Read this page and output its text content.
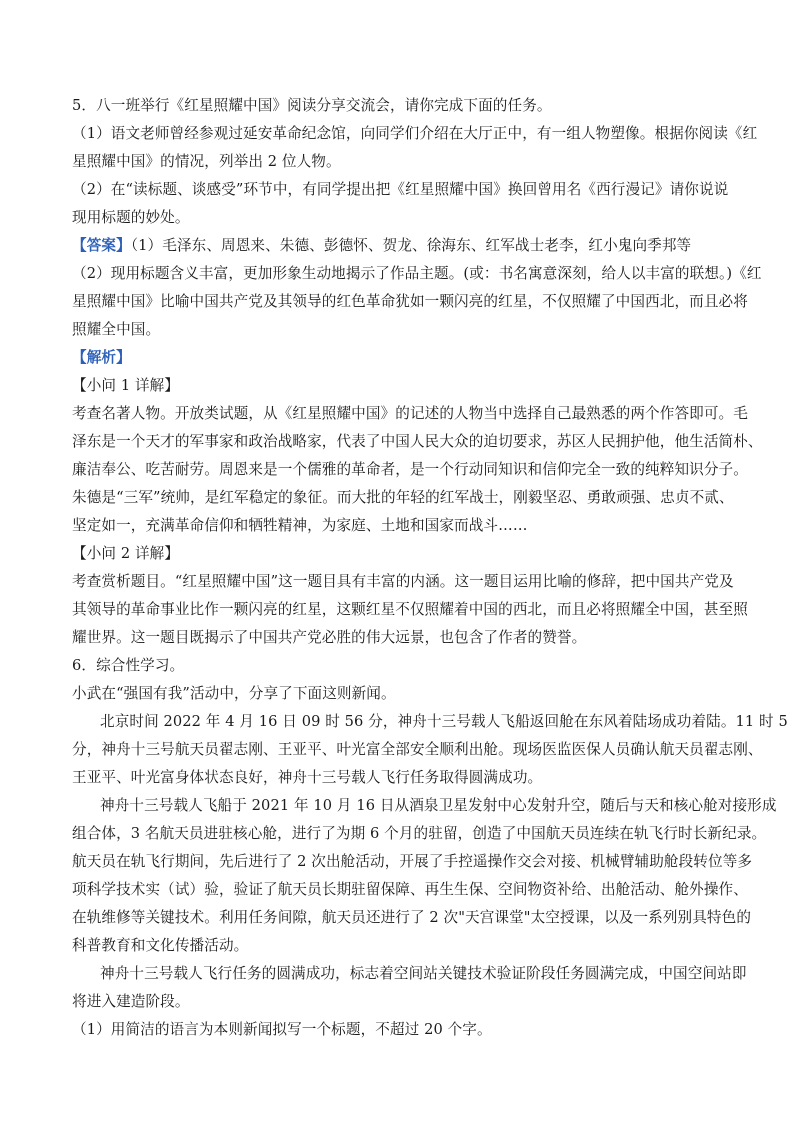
5．八一班举行《红星照耀中国》阅读分享交流会，请你完成下面的任务。
（1）语文老师曾经参观过延安革命纪念馆，向同学们介绍在大厅正中，有一组人物塑像。根据你阅读《红
星照耀中国》的情况，列举出 2 位人物。
（2）在“读标题、谈感受”环节中，有同学提出把《红星照耀中国》换回曾用名《西行漫记》请你说说
现用标题的妙处。
【答案】（1）毛泽东、周恩来、朱德、彭德怀、贺龙、徐海东、红军战士老李，红小鬼向季邦等
（2）现用标题含义丰富，更加形象生动地揭示了作品主题。(或：书名寓意深刻，给人以丰富的联想。)《红
星照耀中国》比喻中国共产党及其领导的红色革命犹如一颗闪亮的红星，不仅照耀了中国西北，而且必将
照耀全中国。
【解析】
【小问 1 详解】
考查名著人物。开放类试题，从《红星照耀中国》的记述的人物当中选择自己最熟悉的两个作答即可。毛
泽东是一个天才的军事家和政治战略家，代表了中国人民大众的迫切要求，苏区人民拥护他，他生活简朴、
廉洁奉公、吃苦耐劳。周恩来是一个儒雅的革命者，是一个行动同知识和信仰完全一致的纯粹知识分子。
朱德是“三军”统帅，是红军稳定的象征。而大批的年轻的红军战士，刚毅坚忍、勇敢顽强、忠贞不贰、
坚定如一，充满革命信仰和牺牲精神，为家庭、土地和国家而战斗……
【小问 2 详解】
考查赏析题目。“红星照耀中国”这一题目具有丰富的内涵。这一题目运用比喻的修辞，把中国共产党及
其领导的革命事业比作一颗闪亮的红星，这颗红星不仅照耀着中国的西北，而且必将照耀全中国，甚至照
耀世界。这一题目既揭示了中国共产党必胜的伟大远景，也包含了作者的赞誉。
6．综合性学习。
小武在“强国有我”活动中，分享了下面这则新闻。
北京时间 2022 年 4 月 16 日 09 时 56 分，神舟十三号载人飞船返回舱在东风着陆场成功着陆。11 时 5
分，神舟十三号航天员翟志刚、王亚平、叶光富全部安全顺利出舱。现场医监医保人员确认航天员翟志刚、
王亚平、叶光富身体状态良好，神舟十三号载人飞行任务取得圆满成功。
神舟十三号载人飞船于 2021 年 10 月 16 日从酒泉卫星发射中心发射升空，随后与天和核心舱对接形成
组合体，3 名航天员进驻核心舱，进行了为期 6 个月的驻留，创造了中国航天员连续在轨飞行时长新纪录。
航天员在轨飞行期间，先后进行了 2 次出舱活动，开展了手控遥操作交会对接、机械臂辅助舱段转位等多
项科学技术实（试）验，验证了航天员长期驻留保障、再生生保、空间物资补给、出舱活动、舱外操作、
在轨维修等关键技术。利用任务间隙，航天员还进行了 2 次"天宫课堂"太空授课，以及一系列别具特色的
科普教育和文化传播活动。
神舟十三号载人飞行任务的圆满成功，标志着空间站关键技术验证阶段任务圆满完成，中国空间站即
将进入建造阶段。
（1）用简洁的语言为本则新闻拟写一个标题，不超过 20 个字。
